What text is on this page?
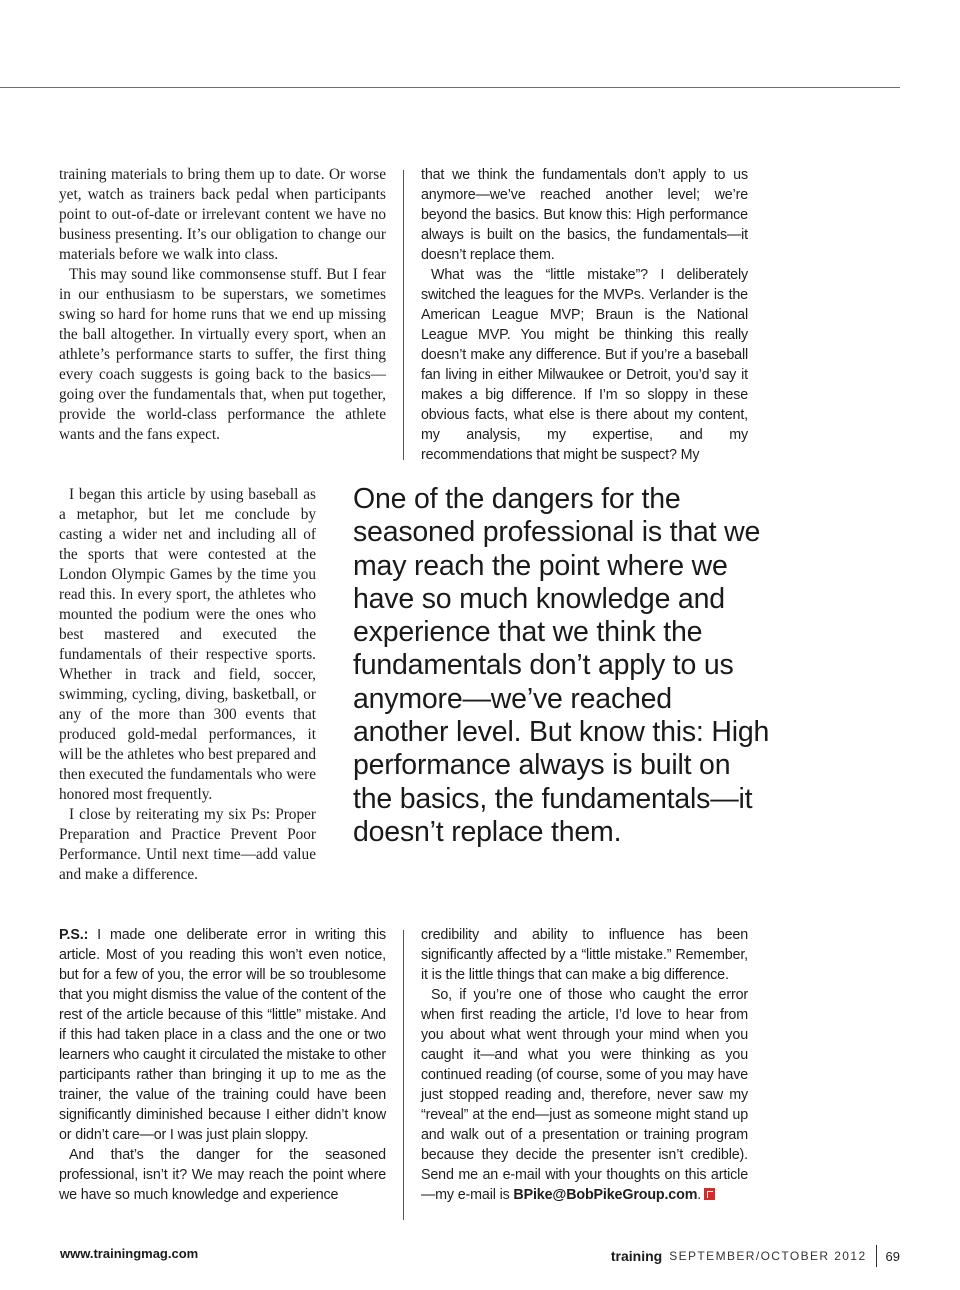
training materials to bring them up to date. Or worse yet, watch as trainers back pedal when participants point to out-of-date or irrelevant content we have no business presenting. It’s our obligation to change our materials before we walk into class.

This may sound like commonsense stuff. But I fear in our enthusiasm to be superstars, we sometimes swing so hard for home runs that we end up missing the ball altogether. In virtually every sport, when an athlete’s performance starts to suffer, the first thing every coach suggests is going back to the basics—going over the fundamentals that, when put together, provide the world-class performance the athlete wants and the fans expect.

I began this article by using baseball as a metaphor, but let me conclude by casting a wider net and including all of the sports that were contested at the London Olympic Games by the time you read this. In every sport, the athletes who mounted the podium were the ones who best mastered and executed the fundamentals of their respective sports. Whether in track and field, soccer, swimming, cycling, diving, basketball, or any of the more than 300 events that produced gold-medal performances, it will be the athletes who best prepared and then executed the fundamentals who were honored most frequently.

I close by reiterating my six Ps: Proper Preparation and Practice Prevent Poor Performance. Until next time—add value and make a difference.

that we think the fundamentals don’t apply to us anymore—we’ve reached another level; we’re beyond the basics. But know this: High performance always is built on the basics, the fundamentals—it doesn’t replace them.

What was the “little mistake”? I deliberately switched the leagues for the MVPs. Verlander is the American League MVP; Braun is the National League MVP. You might be thinking this really doesn’t make any difference. But if you’re a baseball fan living in either Milwaukee or Detroit, you’d say it makes a big difference. If I’m so sloppy in these obvious facts, what else is there about my content, my analysis, my expertise, and my recommendations that might be suspect? My

One of the dangers for the seasoned professional is that we may reach the point where we have so much knowledge and experience that we think the fundamentals don’t apply to us anymore—we’ve reached another level. But know this: High performance always is built on the basics, the fundamentals—it doesn’t replace them.

P.S.: I made one deliberate error in writing this article. Most of you reading this won’t even notice, but for a few of you, the error will be so troublesome that you might dismiss the value of the content of the rest of the article because of this “little” mistake. And if this had taken place in a class and the one or two learners who caught it circulated the mistake to other participants rather than bringing it up to me as the trainer, the value of the training could have been significantly diminished because I either didn’t know or didn’t care—or I was just plain sloppy.

And that’s the danger for the seasoned professional, isn’t it? We may reach the point where we have so much knowledge and experience

credibility and ability to influence has been significantly affected by a “little mistake.” Remember, it is the little things that can make a big difference.

So, if you’re one of those who caught the error when first reading the article, I’d love to hear from you about what went through your mind when you caught it—and what you were thinking as you continued reading (of course, some of you may have just stopped reading and, therefore, never saw my “reveal” at the end—just as someone might stand up and walk out of a presentation or training program because they decide the presenter isn’t credible). Send me an e-mail with your thoughts on this article—my e-mail is BPike@BobPikeGroup.com.

www.trainingmag.com	training SEPTEMBER/OCTOBER 2012 69
